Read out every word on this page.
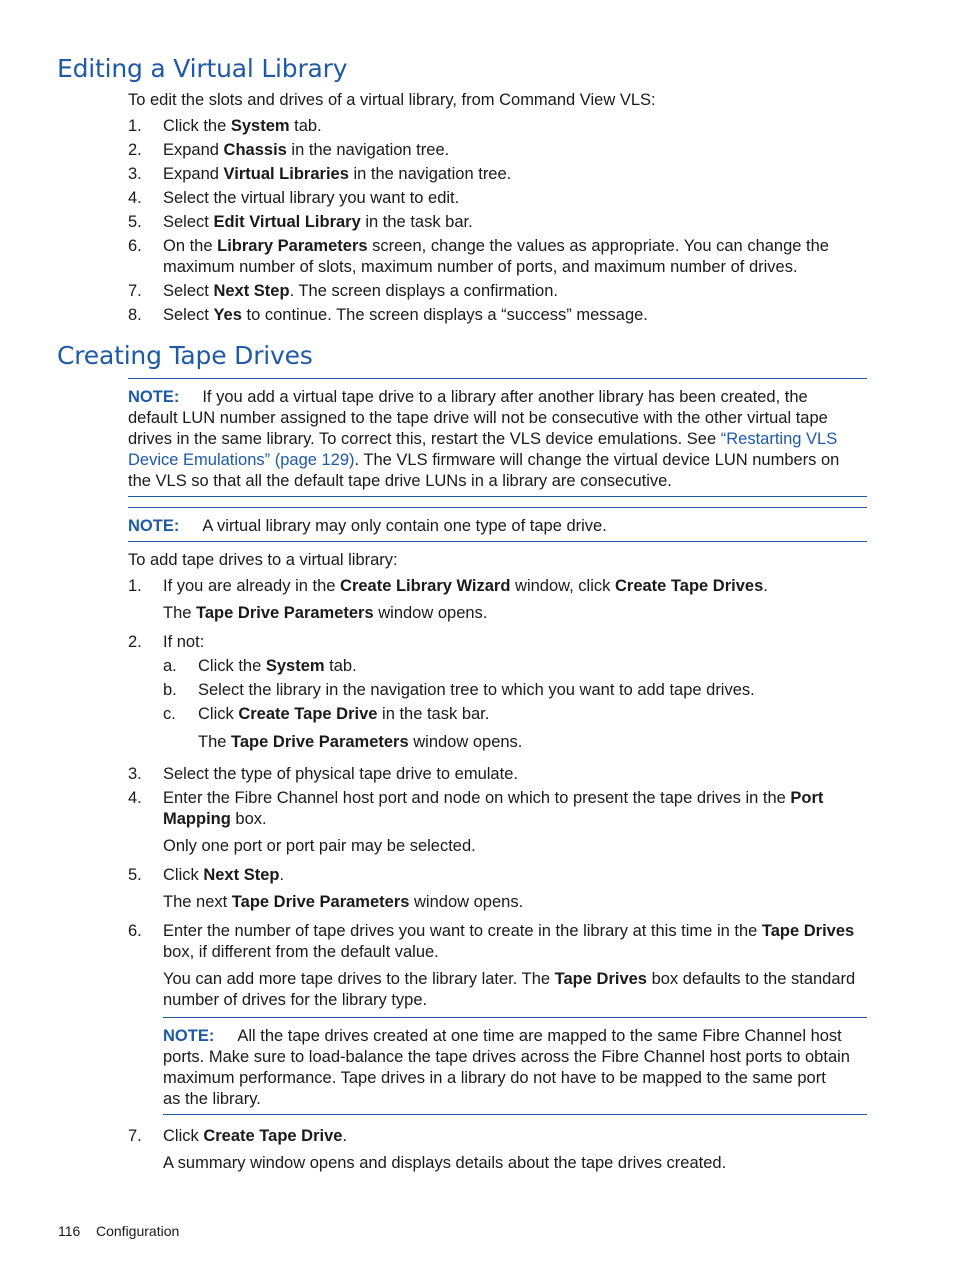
Editing a Virtual Library
To edit the slots and drives of a virtual library, from Command View VLS:
1. Click the System tab.
2. Expand Chassis in the navigation tree.
3. Expand Virtual Libraries in the navigation tree.
4. Select the virtual library you want to edit.
5. Select Edit Virtual Library in the task bar.
6. On the Library Parameters screen, change the values as appropriate. You can change the
maximum number of slots, maximum number of ports, and maximum number of drives.
7. Select Next Step. The screen displays a confirmation.
8. Select Yes to continue. The screen displays a “success” message.
Creating Tape Drives
NOTE: If you add a virtual tape drive to a library after another library has been created, the
default LUN number assigned to the tape drive will not be consecutive with the other virtual tape
drives in the same library. To correct this, restart the VLS device emulations. See “Restarting VLS
Device Emulations” (page 129). The VLS firmware will change the virtual device LUN numbers on
the VLS so that all the default tape drive LUNs in a library are consecutive.
NOTE: A virtual library may only contain one type of tape drive.
To add tape drives to a virtual library:
1. If you are already in the Create Library Wizard window, click Create Tape Drives.
The Tape Drive Parameters window opens.
2. If not:
a. Click the System tab.
b. Select the library in the navigation tree to which you want to add tape drives.
c. Click Create Tape Drive in the task bar.
The Tape Drive Parameters window opens.
3. Select the type of physical tape drive to emulate.
4. Enter the Fibre Channel host port and node on which to present the tape drives in the Port
Mapping box.
Only one port or port pair may be selected.
5. Click Next Step.
The next Tape Drive Parameters window opens.
6. Enter the number of tape drives you want to create in the library at this time in the Tape Drives
box, if different from the default value.
You can add more tape drives to the library later. The Tape Drives box defaults to the standard
number of drives for the library type.
NOTE: All the tape drives created at one time are mapped to the same Fibre Channel host
ports. Make sure to load-balance the tape drives across the Fibre Channel host ports to obtain
maximum performance. Tape drives in a library do not have to be mapped to the same port
as the library.
7. Click Create Tape Drive.
A summary window opens and displays details about the tape drives created.
116 Configuration
